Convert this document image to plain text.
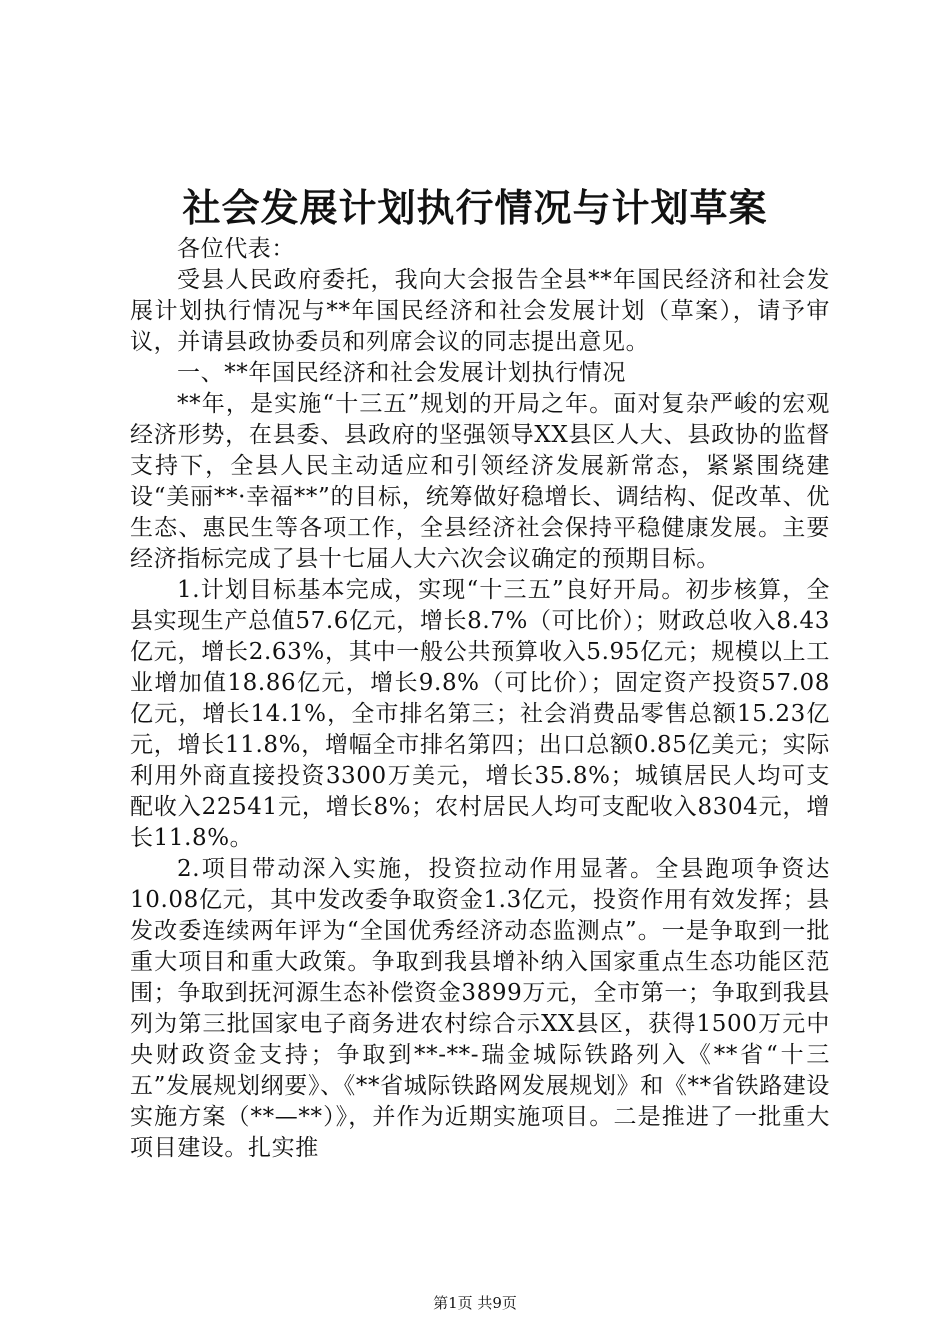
社会发展计划执行情况与计划草案

各位代表：

受县人民政府委托，我向大会报告全县**年国民经济和社会发展计划执行情况与**年国民经济和社会发展计划（草案），请予审议，并请县政协委员和列席会议的同志提出意见。

一、**年国民经济和社会发展计划执行情况

**年，是实施“十三五”规划的开局之年。面对复杂严峻的宏观经济形势，在县委、县政府的坚强领导XX县区人大、县政协的监督支持下，全县人民主动适应和引领经济发展新常态，紧紧围绕建设“美丽**·幸福**”的目标，统筹做好稳增长、调结构、促改革、优生态、惠民生等各项工作，全县经济社会保持平稳健康发展。主要经济指标完成了县十七届人大六次会议确定的预期目标。

1.计划目标基本完成，实现“十三五”良好开局。初步核算，全县实现生产总值57.6亿元，增长8.7%（可比价）；财政总收入8.43亿元，增长2.63%，其中一般公共预算收入5.95亿元；规模以上工业增加值18.86亿元，增长9.8%（可比价）；固定资产投资57.08亿元，增长14.1%，全市排名第三；社会消费品零售总额15.23亿元，增长11.8%，增幅全市排名第四；出口总额0.85亿美元；实际利用外商直接投资3300万美元，增长35.8%；城镇居民人均可支配收入22541元，增长8%；农村居民人均可支配收入8304元，增长11.8%。

2.项目带动深入实施，投资拉动作用显著。全县跑项争资达10.08亿元，其中发改委争取资金1.3亿元，投资作用有效发挥；县发改委连续两年评为“全国优秀经济动态监测点”。一是争取到一批重大项目和重大政策。争取到我县增补纳入国家重点生态功能区范围；争取到抚河源生态补偿资金3899万元，全市第一；争取到我县列为第三批国家电子商务进农村综合示XX县区，获得1500万元中央财政资金支持；争取到**-**-瑞金城际铁路列入《**省“十三五”发展规划纲要》、《**省城际铁路网发展规划》和《**省铁路建设实施方案（**—**）》，并作为近期实施项目。二是推进了一批重大项目建设。扎实推

第1页 共9页
